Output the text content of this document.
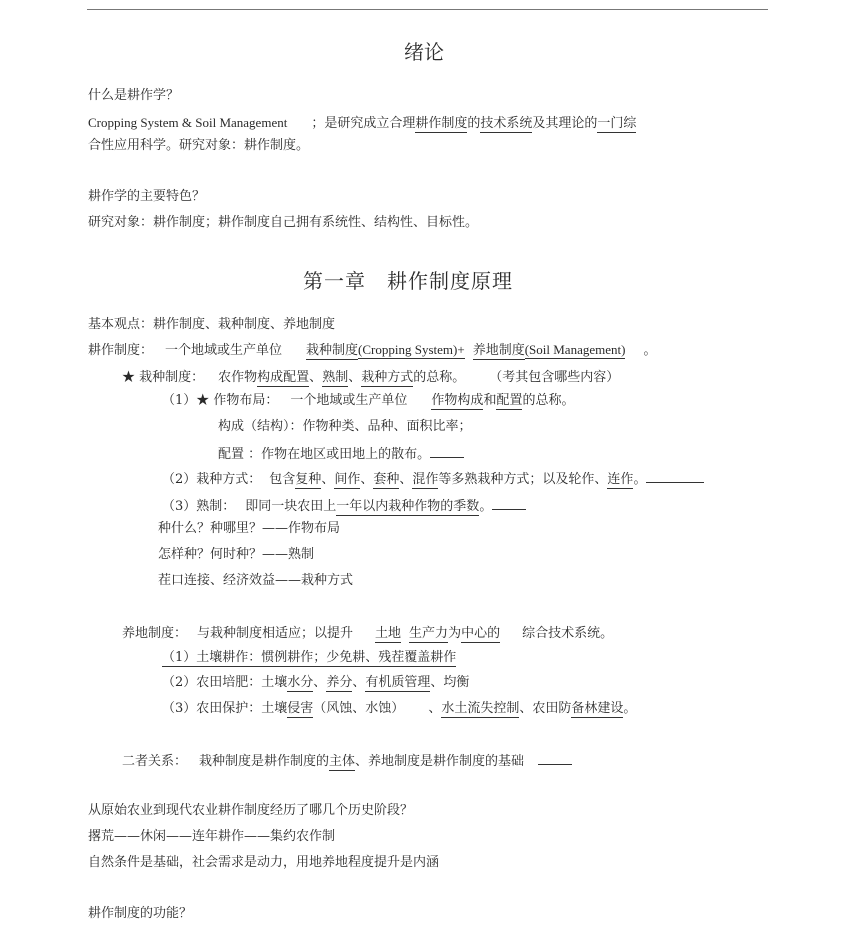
绪论
什么是耕作学？
Cropping System & Soil Management ；是研究成立合理耕作制度的技术系统及其理论的一门综
合性应用科学。研究对象：耕作制度。
耕作学的主要特色？
研究对象：耕作制度；耕作制度自己拥有系统性、结构性、目标性。
第一章　耕作制度原理
基本观点：耕作制度、栽种制度、养地制度
耕作制度： 一个地域或生产单位 栽种制度(Cropping System)+ 养地制度(Soil Management) 。
★ 栽种制度： 农作物构成配置、熟制、栽种方式的总称。 （考其包含哪些内容）
（1）★ 作物布局： 一个地域或生产单位 作物构成和配置的总称。
构成（结构）：作物种类、品种、面积比率；
配置 ：作物在地区或田地上的散布。
（2）栽种方式： 包含复种、间作、套种、混作等多熟栽种方式；以及轮作、连作。
（3）熟制： 即同一块农田上一年以内栽种作物的季数。
种什么？种哪里？——作物布局
怎样种？何时种？——熟制
茬口连接、经济效益——栽种方式
养地制度： 与栽种制度相适应；以提升 土地 生产力为中心的 综合技术系统。
（1）土壤耕作：惯例耕作；少免耕、残茬覆盖耕作
（2）农田培肥：土壤水分、养分、有机质管理、均衡
（3）农田保护：土壤侵害（风蚀、水蚀） 、水土流失控制、农田防备林建设。
二者关系： 栽种制度是耕作制度的主体、养地制度是耕作制度的基础
从原始农业到现代农业耕作制度经历了哪几个历史阶段？
撂荒——休闲——连年耕作——集约农作制
自然条件是基础，社会需求是动力，用地养地程度提升是内涵
耕作制度的功能？
